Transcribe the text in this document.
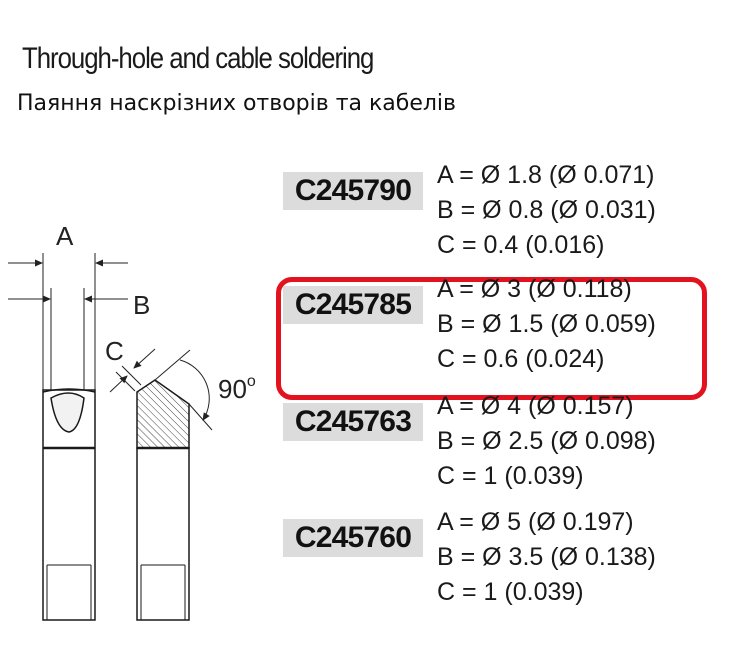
Through-hole and cable soldering
Паяння наскрізних отворів та кабелів
A
B
C
90$^o$
C245790	A = Ø 1.8 (Ø 0.071)
B = Ø 0.8 (Ø 0.031)
C = 0.4 (0.016)
C245785	A = Ø 3 (Ø 0.118)
B = Ø 1.5 (Ø 0.059)
C = 0.6 (0.024)
C245763	A = Ø 4 (Ø 0.157)
B = Ø 2.5 (Ø 0.098)
C = 1 (0.039)
C245760	A = Ø 5 (Ø 0.197)
B = Ø 3.5 (Ø 0.138)
C = 1 (0.039)
